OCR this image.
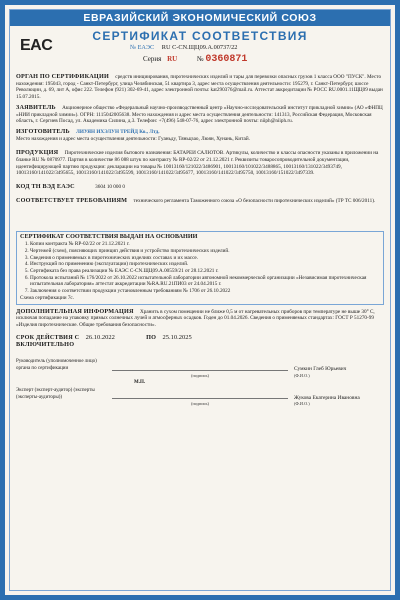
ЕВРАЗИЙСКИЙ ЭКОНОМИЧЕСКИЙ СОЮЗ
СЕРТИФИКАТ СООТВЕТСТВИЯ
EAC	№ ЕАЭС RU C-CN.ЩЦ09.А.00737/22
Серия RU	№ 0360871
ОРГАН ПО СЕРТИФИКАЦИИ средств инициирования, пиротехнических изделий и тары для перевозки опасных грузов 1 класса ООО "ПУСК". Место нахождения: 195043, город - Санкт-Петербург, улица Челябинская, 51 квартира 3, адрес места осуществления деятельности: 195279, г. Санкт-Петербург, шоссе Революции, д. 69, лит А, офис 222. Телефон (921) 302-69-41, адрес электронной почты: kat290376@mail.ru. Аттестат аккредитации № РОСС RU.0001.11ЩЦ09 выдан 15.07.2015.
ЗАЯВИТЕЛЬ Акционерное общество «Федеральный научно-производственный центр «Научно-исследовательский институт прикладной химии» (АО «ФНПЦ «НИИ прикладной химии»). ОГРН: 1115042005638. Место нахождения и адрес места осуществления деятельности: 141313, Российская Федерация, Московская область, г. Сергиев Посад, ул. Академика Силина, д.3. Телефон: +7(496) 548-07-76, адрес электронной почты: niiph@niiph.ru.
ИЗГОТОВИТЕЛЬ ЛИУЯН ИХЭЛУН ТРЕЙД Ко., Лтд.
Место нахождения и адрес места осуществления деятельности: Гуаньду, Тяньцзао, Люян, Хунань, Китай.
ПРОДУКЦИЯ Пиротехнические изделия бытового назначения: БАТАРЕИ САЛЮТОВ. Артикулы, количество и классы опасности указаны в приложении на бланке RU № 0870977. Партия в количестве 86 088 штук по контракту № RP-02/22 от 21.12.2021 г. Реквизиты товаросопроводительной документации, идентифицирующей партию продукции: декларации на товары № 10013160/121022/3486901, 10013160/101022/3488865, 10013160/131022/3493749, 10013160/141022/3495655, 10013160/141022/3495599, 10013160/141022/3495677, 10013160/141022/3495750, 10013160/151022/3497339.
КОД ТН ВЭД ЕАЭС	3604 10 000 0
СООТВЕТСТВУЕТ ТРЕБОВАНИЯМ технического регламента Таможенного союза «О безопасности пиротехнических изделий» (ТР ТС 006/2011).
СЕРТИФИКАТ СООТВЕТСТВИЯ ВЫДАН НА ОСНОВАНИИ
1. Копии контракта № RP-02/22 от 21.12.2021 г.
2. Чертежей (схем), поясняющих принцип действия и устройство пиротехнических изделий.
3. Сведения о применяемых в пиротехнических изделиях составах и их массе.
4. Инструкций по применению (эксплуатации) пиротехнических изделий.
5. Сертификата без права реализации № ЕАЭС С-CN.ЩЦ09.А.00559/21 от 28.12.2021 г.
6. Протокола испытаний № 176/2022 от 26.10.2022 испытательной лаборатории автономной некоммерческой организации «Независимая пиротехническая испытательная лаборатория» аттестат аккредитации №RA.RU.21ПИ03 от 24.04.2015 г.
7. Заключения о соответствии продукции установленным требованиям № 1706 от 26.10.2022
Схема сертификации 7с.
ДОПОЛНИТЕЛЬНАЯ ИНФОРМАЦИЯ Хранить в сухом помещении не ближе 0,5 м от нагревательных приборов при температуре не выше 30° С, исключая попадание на упаковку прямых солнечных лучей и атмосферных осадков. Годен до 01.04.2026. Сведения о применяемых стандартах: ГОСТ Р 51270-99 «Изделия пиротехнические. Общие требования безопасности».
СРОК ДЕЙСТВИЯ С 26.10.2022	ПО 25.10.2025
ВКЛЮЧИТЕЛЬНО
Руководитель (уполномоченное лицо) органа по сертификации	Сумкин Глеб Юрьевич
(подпись)	(Ф.И.О.)
М.П.
Эксперт (эксперт-аудитор) (эксперты (эксперты-аудиторы))	Жукова Екатерина Ивановна
(подпись)	(Ф.И.О.)
